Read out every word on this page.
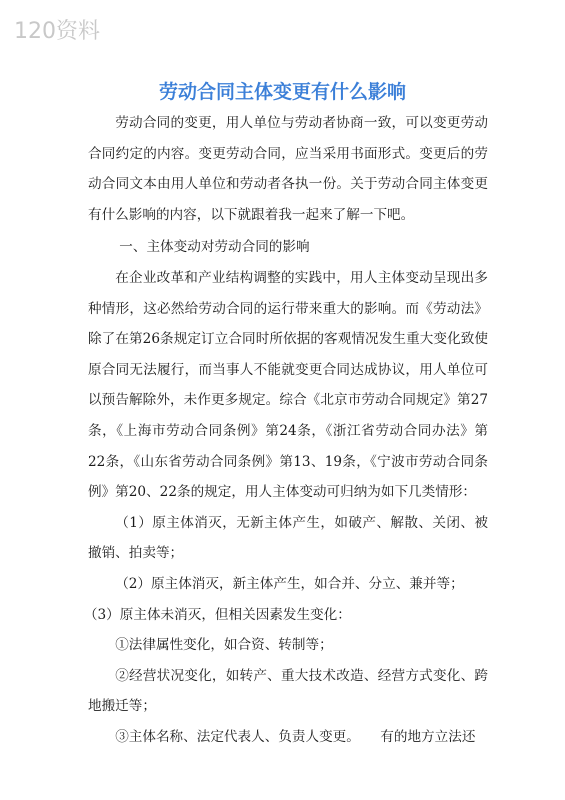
120资料
劳动合同主体变更有什么影响

劳动合同的变更，用人单位与劳动者协商一致，可以变更劳动合同约定的内容。变更劳动合同，应当采用书面形式。变更后的劳动合同文本由用人单位和劳动者各执一份。关于劳动合同主体变更有什么影响的内容，以下就跟着我一起来了解一下吧。

一、主体变动对劳动合同的影响

在企业改革和产业结构调整的实践中，用人主体变动呈现出多种情形，这必然给劳动合同的运行带来重大的影响。而《劳动法》除了在第26条规定订立合同时所依据的客观情况发生重大变化致使原合同无法履行，而当事人不能就变更合同达成协议，用人单位可以预告解除外，未作更多规定。综合《北京市劳动合同规定》第27条，《上海市劳动合同条例》第24条，《浙江省劳动合同办法》第22条，《山东省劳动合同条例》第13、19条，《宁波市劳动合同条例》第20、22条的规定，用人主体变动可归纳为如下几类情形：

（1）原主体消灭，无新主体产生，如破产、解散、关闭、被撤销、拍卖等；

（2）原主体消灭，新主体产生，如合并、分立、兼并等；

（3）原主体未消灭，但相关因素发生变化：

①法律属性变化，如合资、转制等；

②经营状况变化，如转产、重大技术改造、经营方式变化、跨地搬迁等；

③主体名称、法定代表人、负责人变更。　　有的地方立法还
